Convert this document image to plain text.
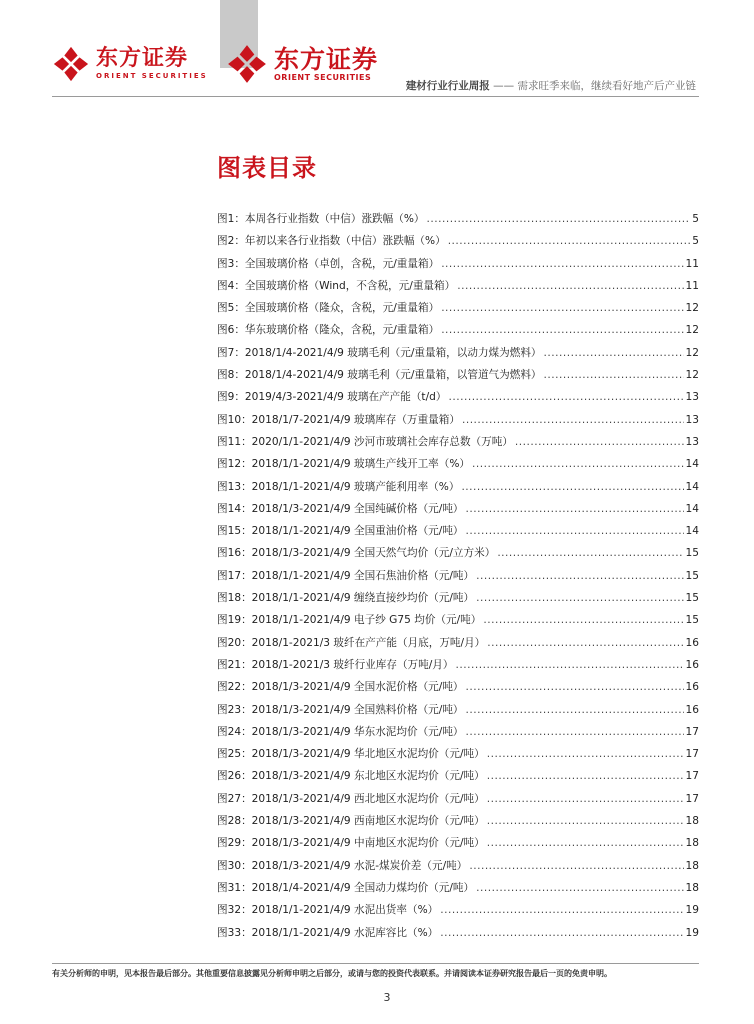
东方证券
ORIENT SECURITIES
东方证券
ORIENT SECURITIES
建材行业行业周报 —— 需求旺季来临，继续看好地产后产业链
图表目录
图1：本周各行业指数（中信）涨跌幅（%） .....	5
图2：年初以来各行业指数（中信）涨跌幅（%） .....	5
图3：全国玻璃价格（卓创，含税，元/重量箱） .....	11
图4：全国玻璃价格（Wind，不含税，元/重量箱） .....	11
图5：全国玻璃价格（隆众，含税，元/重量箱） .....	12
图6：华东玻璃价格（隆众，含税，元/重量箱） .....	12
图7：2018/1/4-2021/4/9 玻璃毛利（元/重量箱，以动力煤为燃料） .....	12
图8：2018/1/4-2021/4/9 玻璃毛利（元/重量箱，以管道气为燃料） .....	12
图9：2019/4/3-2021/4/9 玻璃在产产能（t/d） .....	13
图10：2018/1/7-2021/4/9 玻璃库存（万重量箱） .....	13
图11：2020/1/1-2021/4/9 沙河市玻璃社会库存总数（万吨） .....	13
图12：2018/1/1-2021/4/9 玻璃生产线开工率（%） .....	14
图13：2018/1/1-2021/4/9 玻璃产能利用率（%） .....	14
图14：2018/1/3-2021/4/9 全国纯碱价格（元/吨） .....	14
图15：2018/1/1-2021/4/9 全国重油价格（元/吨） .....	14
图16：2018/1/3-2021/4/9 全国天然气均价（元/立方米） .....	15
图17：2018/1/1-2021/4/9 全国石焦油价格（元/吨） .....	15
图18：2018/1/1-2021/4/9 缠绕直接纱均价（元/吨） .....	15
图19：2018/1/1-2021/4/9 电子纱 G75 均价（元/吨） .....	15
图20：2018/1-2021/3 玻纤在产产能（月底，万吨/月） .....	16
图21：2018/1-2021/3 玻纤行业库存（万吨/月） .....	16
图22：2018/1/3-2021/4/9 全国水泥价格（元/吨） .....	16
图23：2018/1/3-2021/4/9 全国熟料价格（元/吨） .....	16
图24：2018/1/3-2021/4/9 华东水泥均价（元/吨） .....	17
图25：2018/1/3-2021/4/9 华北地区水泥均价（元/吨） .....	17
图26：2018/1/3-2021/4/9 东北地区水泥均价（元/吨） .....	17
图27：2018/1/3-2021/4/9 西北地区水泥均价（元/吨） .....	17
图28：2018/1/3-2021/4/9 西南地区水泥均价（元/吨） .....	18
图29：2018/1/3-2021/4/9 中南地区水泥均价（元/吨） .....	18
图30：2018/1/3-2021/4/9 水泥-煤炭价差（元/吨） .....	18
图31：2018/1/4-2021/4/9 全国动力煤均价（元/吨） .....	18
图32：2018/1/1-2021/4/9 水泥出货率（%） .....	19
图33：2018/1/1-2021/4/9 水泥库容比（%） .....	19
有关分析师的申明，见本报告最后部分。其他重要信息披露见分析师申明之后部分，或请与您的投资代表联系。并请阅读本证券研究报告最后一页的免责申明。
3
